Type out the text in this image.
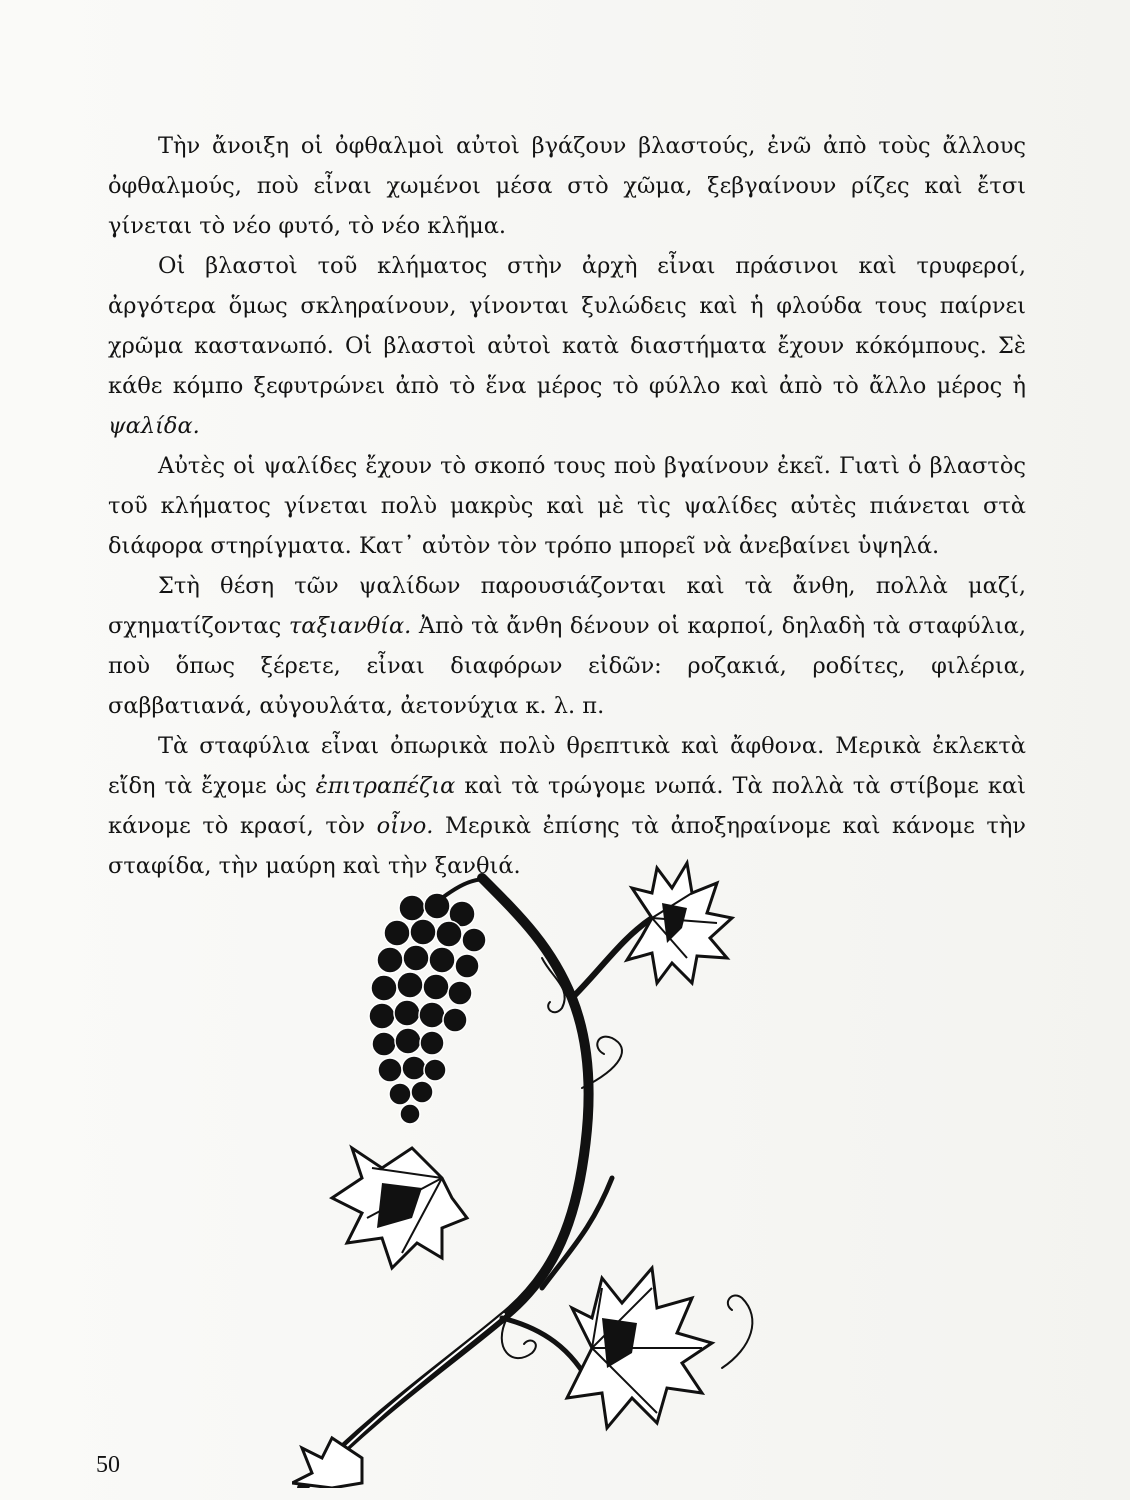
Τὴν ἄνοιξη οἱ ὀφθαλμοὶ αὐτοὶ βγάζουν βλαστούς, ἐνῶ ἀπὸ τοὺς ἄλλους ὀφθαλμούς, ποὺ εἶναι χωμένοι μέσα στὸ χῶμα, ξεβγαίνουν ρίζες καὶ ἔτσι γίνεται τὸ νέο φυτό, τὸ νέο κλῆμα.

Οἱ βλαστοὶ τοῦ κλήματος στὴν ἀρχὴ εἶναι πράσινοι καὶ τρυφεροί, ἀργότερα ὅμως σκληραίνουν, γίνονται ξυλώδεις καὶ ἡ φλούδα τους παίρνει χρῶμα καστανωπό. Οἱ βλαστοὶ αὐτοὶ κατὰ διαστήματα ἔχουν κόκόμπους. Σὲ κάθε κόμπο ξεφυτρώνει ἀπὸ τὸ ἕνα μέρος τὸ φύλλο καὶ ἀπὸ τὸ ἄλλο μέρος ἡ ψαλίδα.

Αὐτὲς οἱ ψαλίδες ἔχουν τὸ σκοπό τους ποὺ βγαίνουν ἐκεῖ. Γιατὶ ὁ βλαστὸς τοῦ κλήματος γίνεται πολὺ μακρὺς καὶ μὲ τὶς ψαλίδες αὐτὲς πιάνεται στὰ διάφορα στηρίγματα. Κατ᾿ αὐτὸν τὸν τρόπο μπορεῖ νὰ ἀνεβαίνει ὑψηλά.

Στὴ θέση τῶν ψαλίδων παρουσιάζονται καὶ τὰ ἄνθη, πολλὰ μαζί, σχηματίζοντας ταξιανθία. Ἀπὸ τὰ ἄνθη δένουν οἱ καρποί, δηλαδὴ τὰ σταφύλια, ποὺ ὅπως ξέρετε, εἶναι διαφόρων εἰδῶν: ροζακιά, ροδίτες, φιλέρια, σαββατιανά, αὐγουλάτα, ἀετονύχια κ. λ. π.

Τὰ σταφύλια εἶναι ὀπωρικὰ πολὺ θρεπτικὰ καὶ ἄφθονα. Μερικὰ ἐκλεκτὰ εἴδη τὰ ἔχομε ὡς ἐπιτραπέζια καὶ τὰ τρώγομε νωπά. Τὰ πολλὰ τὰ στίβομε καὶ κάνομε τὸ κρασί, τὸν οἶνο. Μερικὰ ἐπίσης τὰ ἀποξηραίνομε καὶ κάνομε τὴν σταφίδα, τὴν μαύρη καὶ τὴν ξανθιά.

50
